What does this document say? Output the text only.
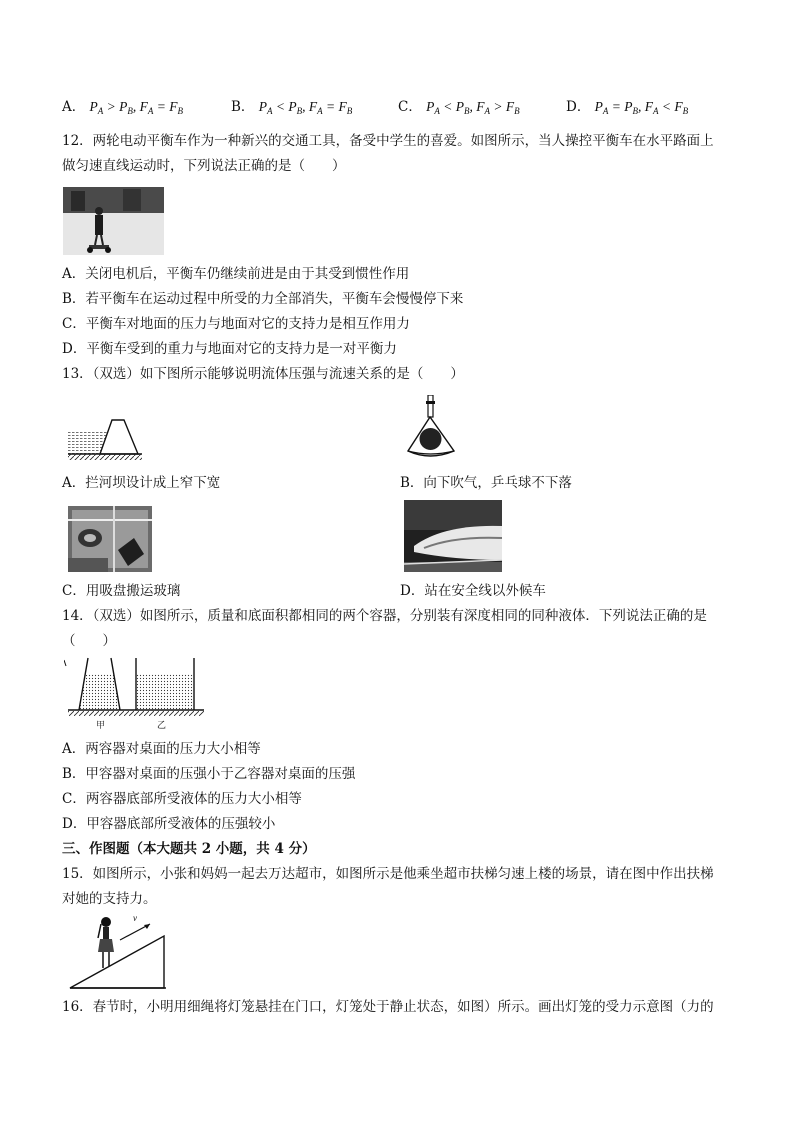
A． $P_A > P_B$, $F_A = F_B$	B． $P_A < P_B$, $F_A = F_B$	C． $P_A < P_B$, $F_A > F_B$	D． $P_A = P_B$, $F_A < F_B$
12．两轮电动平衡车作为一种新兴的交通工具，备受中学生的喜爱。如图所示，当人操控平衡车在水平路面上
做匀速直线运动时，下列说法正确的是（　　）
A．关闭电机后，平衡车仍继续前进是由于其受到惯性作用
B．若平衡车在运动过程中所受的力全部消失，平衡车会慢慢停下来
C．平衡车对地面的压力与地面对它的支持力是相互作用力
D．平衡车受到的重力与地面对它的支持力是一对平衡力
13．（双选）如下图所示能够说明流体压强与流速关系的是（　　）
A．拦河坝设计成上窄下宽	B．向下吹气，乒乓球不下落
C．用吸盘搬运玻璃	D．站在安全线以外候车
14．（双选）如图所示，质量和底面积都相同的两个容器，分别装有深度相同的同种液体．下列说法正确的是
（　　）
甲	乙
A．两容器对桌面的压力大小相等
B．甲容器对桌面的压强小于乙容器对桌面的压强
C．两容器底部所受液体的压力大小相等
D．甲容器底部所受液体的压强较小
三、作图题（本大题共 2 小题，共 4 分）
15．如图所示，小张和妈妈一起去万达超市，如图所示是他乘坐超市扶梯匀速上楼的场景，请在图中作出扶梯
对她的支持力。
v
16．春节时，小明用细绳将灯笼悬挂在门口，灯笼处于静止状态，如图）所示。画出灯笼的受力示意图（力的
